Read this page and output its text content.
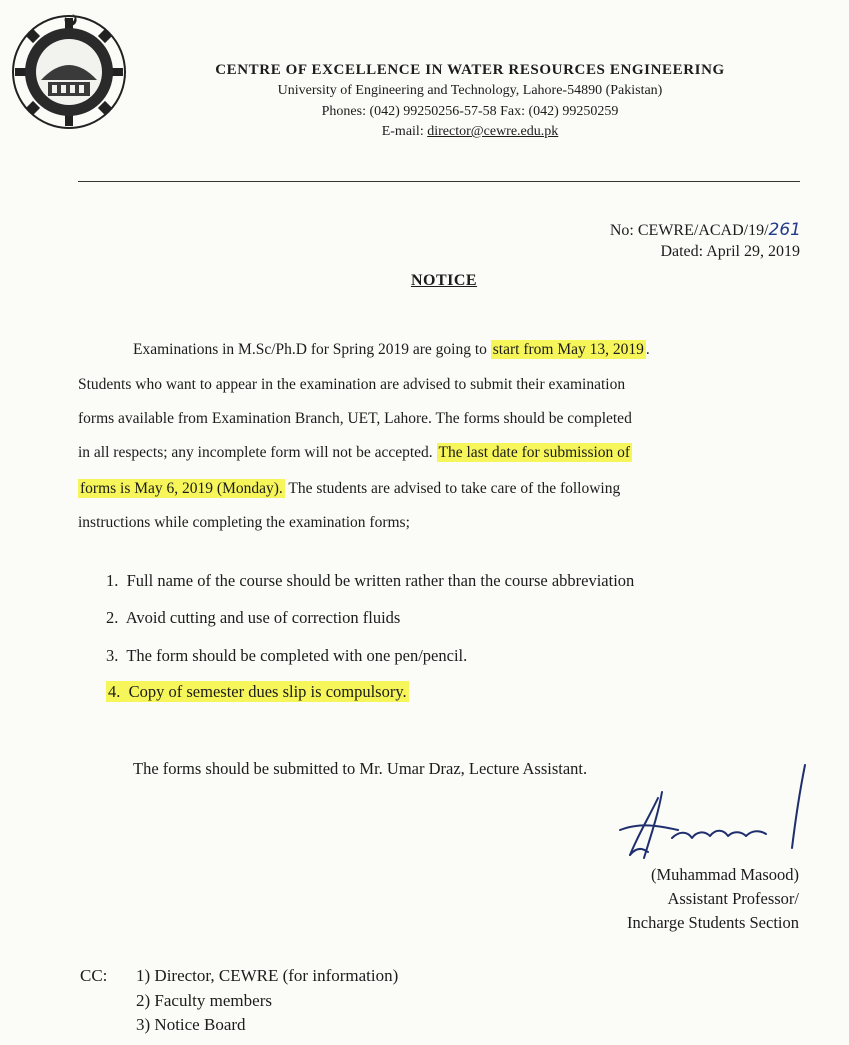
CENTRE OF EXCELLENCE IN WATER RESOURCES ENGINEERING
University of Engineering and Technology, Lahore-54890 (Pakistan)
Phones: (042) 99250256-57-58 Fax: (042) 99250259
E-mail: director@cewre.edu.pk
No: CEWRE/ACAD/19/261
Dated: April 29, 2019
NOTICE
Examinations in M.Sc/Ph.D for Spring 2019 are going to start from May 13, 2019 .
Students who want to appear in the examination are advised to submit their examination
forms available from Examination Branch, UET, Lahore. The forms should be completed
in all respects; any incomplete form will not be accepted. The last date for submission of
forms is May 6, 2019 (Monday). The students are advised to take care of the following
instructions while completing the examination forms;
1. Full name of the course should be written rather than the course abbreviation
2. Avoid cutting and use of correction fluids
3. The form should be completed with one pen/pencil.
4. Copy of semester dues slip is compulsory.
The forms should be submitted to Mr. Umar Draz, Lecture Assistant.
(Muhammad Masood)
Assistant Professor/
Incharge Students Section
CC: 1) Director, CEWRE (for information)
2) Faculty members
3) Notice Board
